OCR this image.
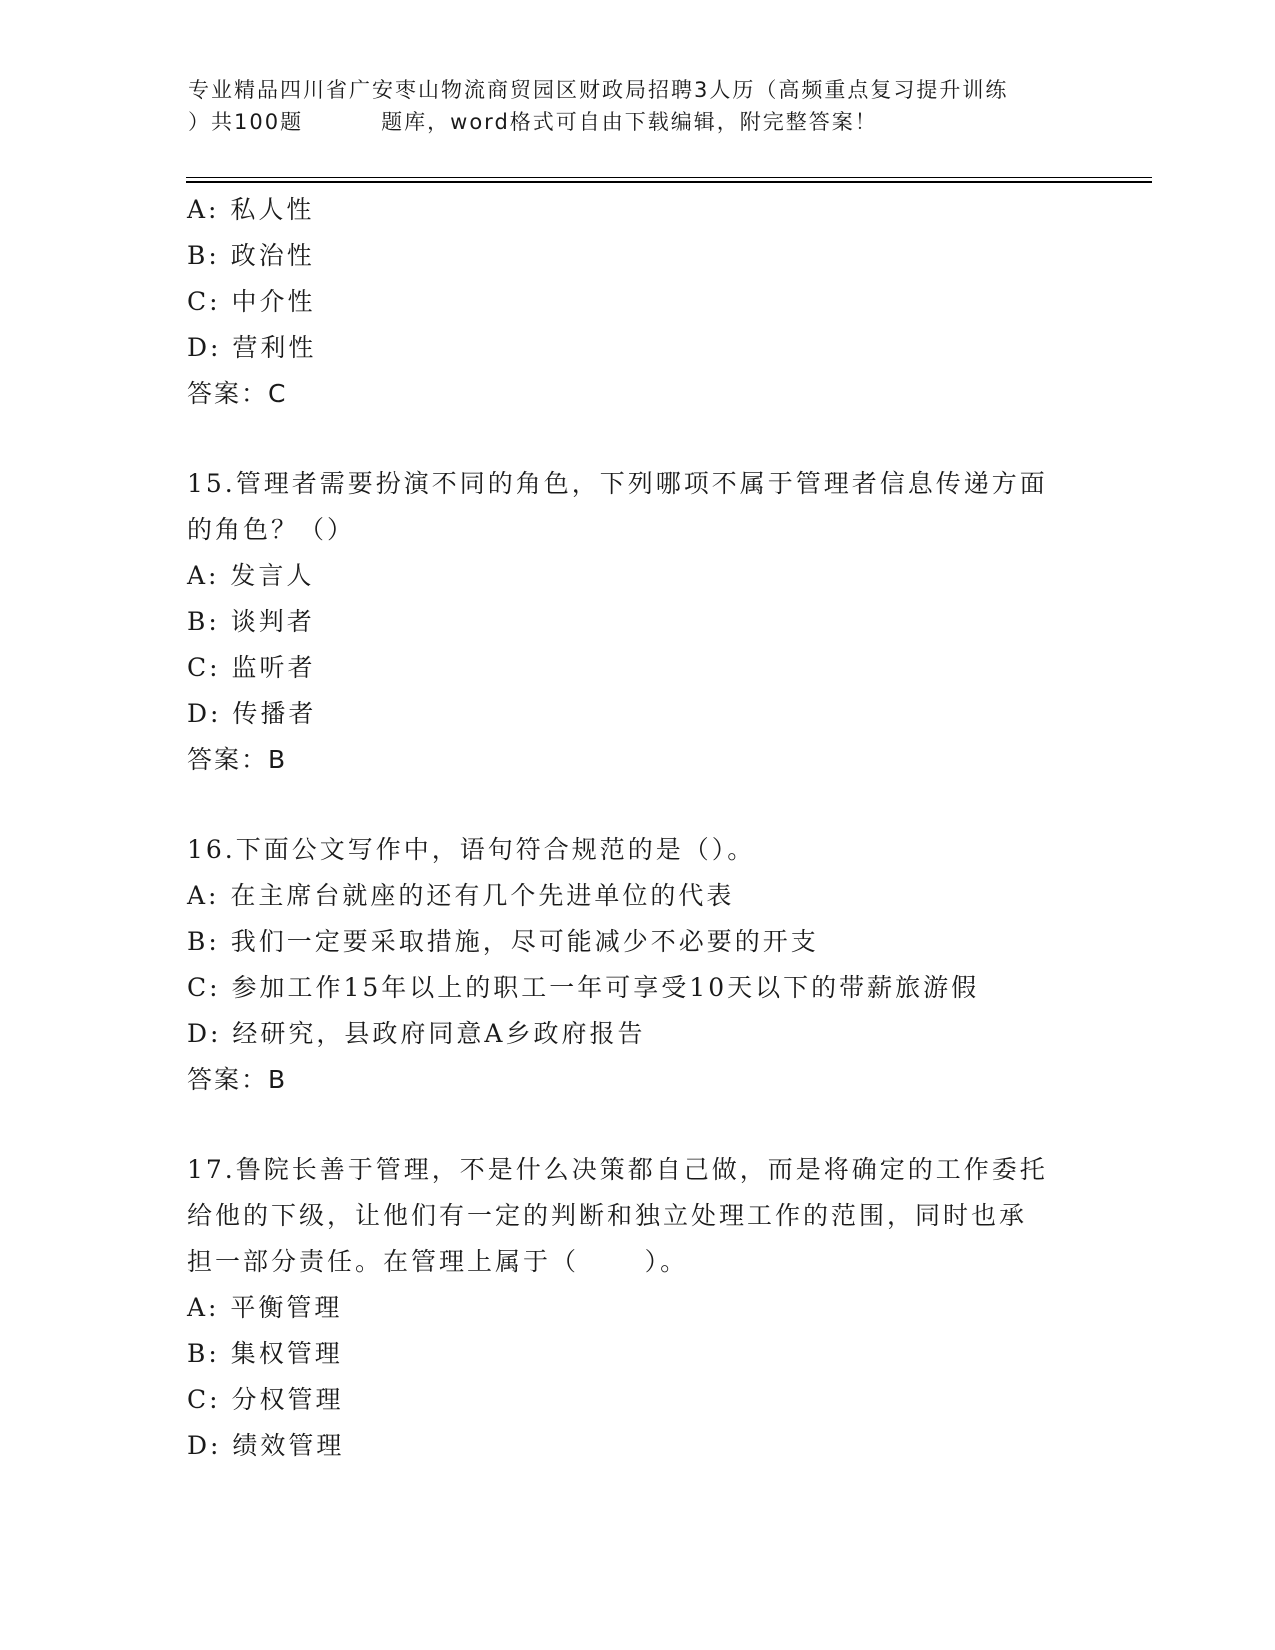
专业精品四川省广安枣山物流商贸园区财政局招聘3人历（高频重点复习提升训练
）共100题         题库，word格式可自由下载编辑，附完整答案！
A: 私人性
B: 政治性
C: 中介性
D: 营利性
答案：C
15.管理者需要扮演不同的角色，下列哪项不属于管理者信息传递方面
的角色？（）
A: 发言人
B: 谈判者
C: 监听者
D: 传播者
答案：B
16.下面公文写作中，语句符合规范的是（）。
A: 在主席台就座的还有几个先进单位的代表
B: 我们一定要采取措施，尽可能减少不必要的开支
C: 参加工作15年以上的职工一年可享受10天以下的带薪旅游假
D: 经研究，县政府同意A乡政府报告
答案：B
17.鲁院长善于管理，不是什么决策都自己做，而是将确定的工作委托
给他的下级，让他们有一定的判断和独立处理工作的范围，同时也承
担一部分责任。在管理上属于（      ）。
A: 平衡管理
B: 集权管理
C: 分权管理
D: 绩效管理
